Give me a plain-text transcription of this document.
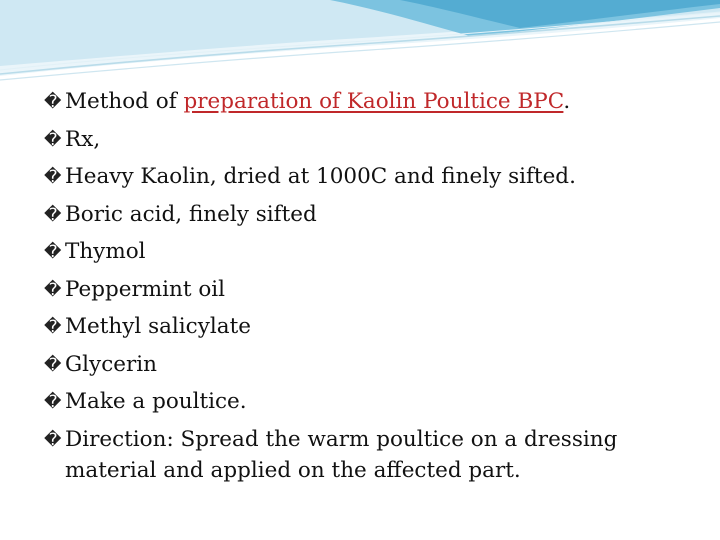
� Method of preparation of Kaolin Poultice BPC.
� Rx,
� Heavy Kaolin, dried at 1000C and finely sifted.
� Boric acid, finely sifted
� Thymol
� Peppermint oil
� Methyl salicylate
� Glycerin
� Make a poultice.
� Direction: Spread the warm poultice on a dressing material and applied on the affected part.
